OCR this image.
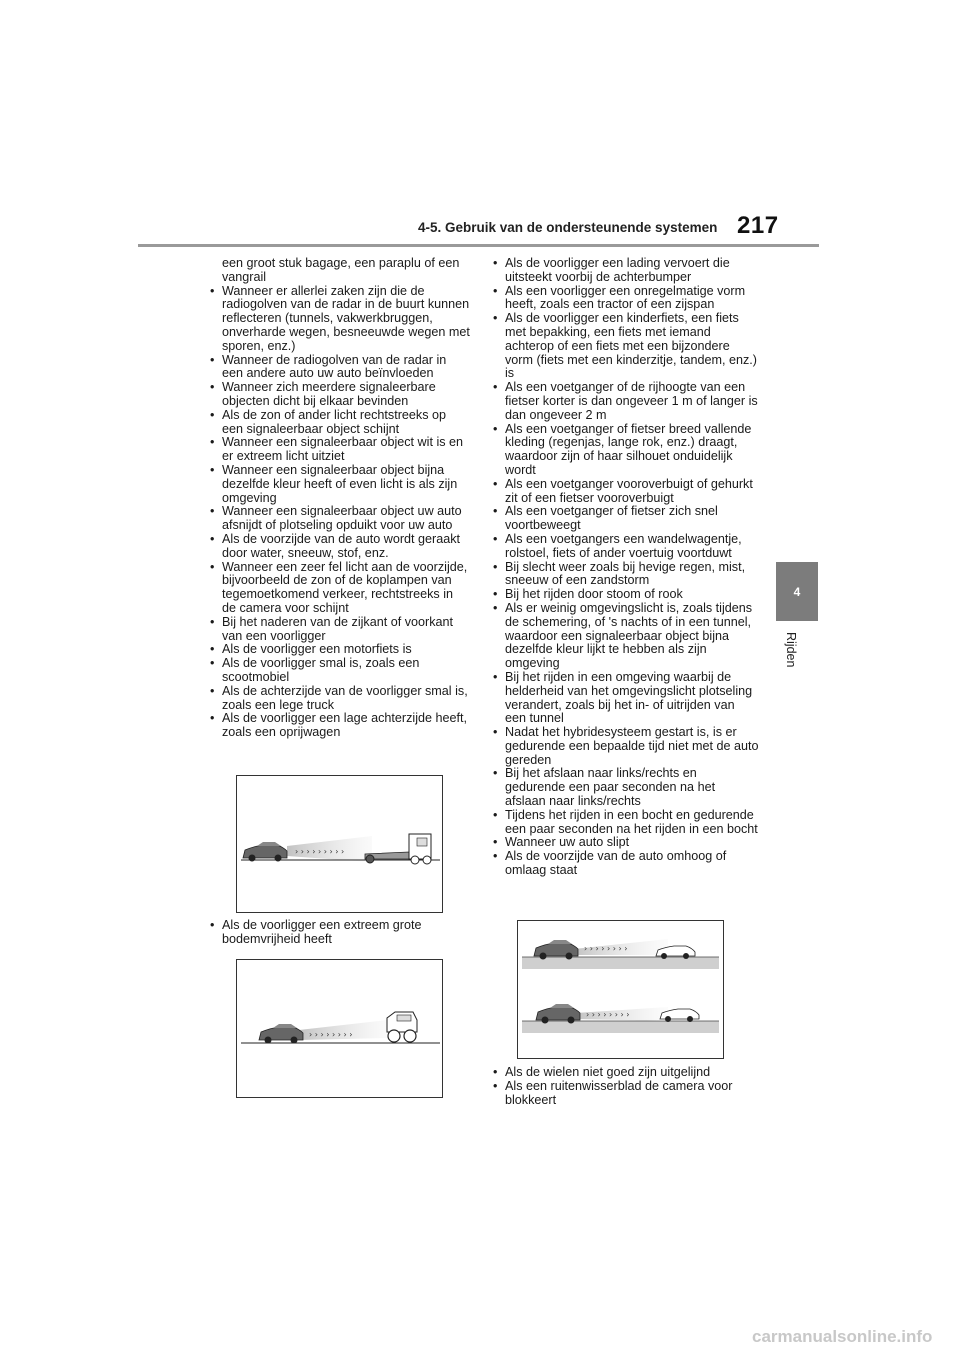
4-5. Gebruik van de ondersteunende systemen 217
4
Rijden
een groot stuk bagage, een paraplu of een vangrail
• Wanneer er allerlei zaken zijn die de radiogolven van de radar in de buurt kunnen reflecteren (tunnels, vakwerkbruggen, onverharde wegen, besneeuwde wegen met sporen, enz.)
• Wanneer de radiogolven van de radar in een andere auto uw auto beïnvloeden
• Wanneer zich meerdere signaleerbare objecten dicht bij elkaar bevinden
• Als de zon of ander licht rechtstreeks op een signaleerbaar object schijnt
• Wanneer een signaleerbaar object wit is en er extreem licht uitziet
• Wanneer een signaleerbaar object bijna dezelfde kleur heeft of even licht is als zijn omgeving
• Wanneer een signaleerbaar object uw auto afsnijdt of plotseling opduikt voor uw auto
• Als de voorzijde van de auto wordt geraakt door water, sneeuw, stof, enz.
• Wanneer een zeer fel licht aan de voorzijde, bijvoorbeeld de zon of de koplampen van tegemoetkomend verkeer, rechtstreeks in de camera voor schijnt
• Bij het naderen van de zijkant of voorkant van een voorligger
• Als de voorligger een motorfiets is
• Als de voorligger smal is, zoals een scootmobiel
• Als de achterzijde van de voorligger smal is, zoals een lege truck
• Als de voorligger een lage achterzijde heeft, zoals een oprijwagen
• Als de voorligger een extreem grote bodemvrijheid heeft
• Als de voorligger een lading vervoert die uitsteekt voorbij de achterbumper
• Als een voorligger een onregelmatige vorm heeft, zoals een tractor of een zijspan
• Als de voorligger een kinderfiets, een fiets met bepakking, een fiets met iemand achterop of een fiets met een bijzondere vorm (fiets met een kinderzitje, tandem, enz.) is
• Als een voetganger of de rijhoogte van een fietser korter is dan ongeveer 1 m of langer is dan ongeveer 2 m
• Als een voetganger of fietser breed vallende kleding (regenjas, lange rok, enz.) draagt, waardoor zijn of haar silhouet onduidelijk wordt
• Als een voetganger vooroverbuigt of gehurkt zit of een fietser vooroverbuigt
• Als een voetganger of fietser zich snel voortbeweegt
• Als een voetgangers een wandelwagentje, rolstoel, fiets of ander voertuig voortduwt
• Bij slecht weer zoals bij hevige regen, mist, sneeuw of een zandstorm
• Bij het rijden door stoom of rook
• Als er weinig omgevingslicht is, zoals tijdens de schemering, of 's nachts of in een tunnel, waardoor een signaleerbaar object bijna dezelfde kleur lijkt te hebben als zijn omgeving
• Bij het rijden in een omgeving waarbij de helderheid van het omgevingslicht plotseling verandert, zoals bij het in- of uitrijden van een tunnel
• Nadat het hybridesysteem gestart is, is er gedurende een bepaalde tijd niet met de auto gereden
• Bij het afslaan naar links/rechts en gedurende een paar seconden na het afslaan naar links/rechts
• Tijdens het rijden in een bocht en gedurende een paar seconden na het rijden in een bocht
• Wanneer uw auto slipt
• Als de voorzijde van de auto omhoog of omlaag staat
• Als de wielen niet goed zijn uitgelijnd
• Als een ruitenwisserblad de camera voor blokkeert
› › › › › › › › ›
› › › › › › › ›
› › › › › › › ›
› › › › › › › ›
carmanualsonline.info
